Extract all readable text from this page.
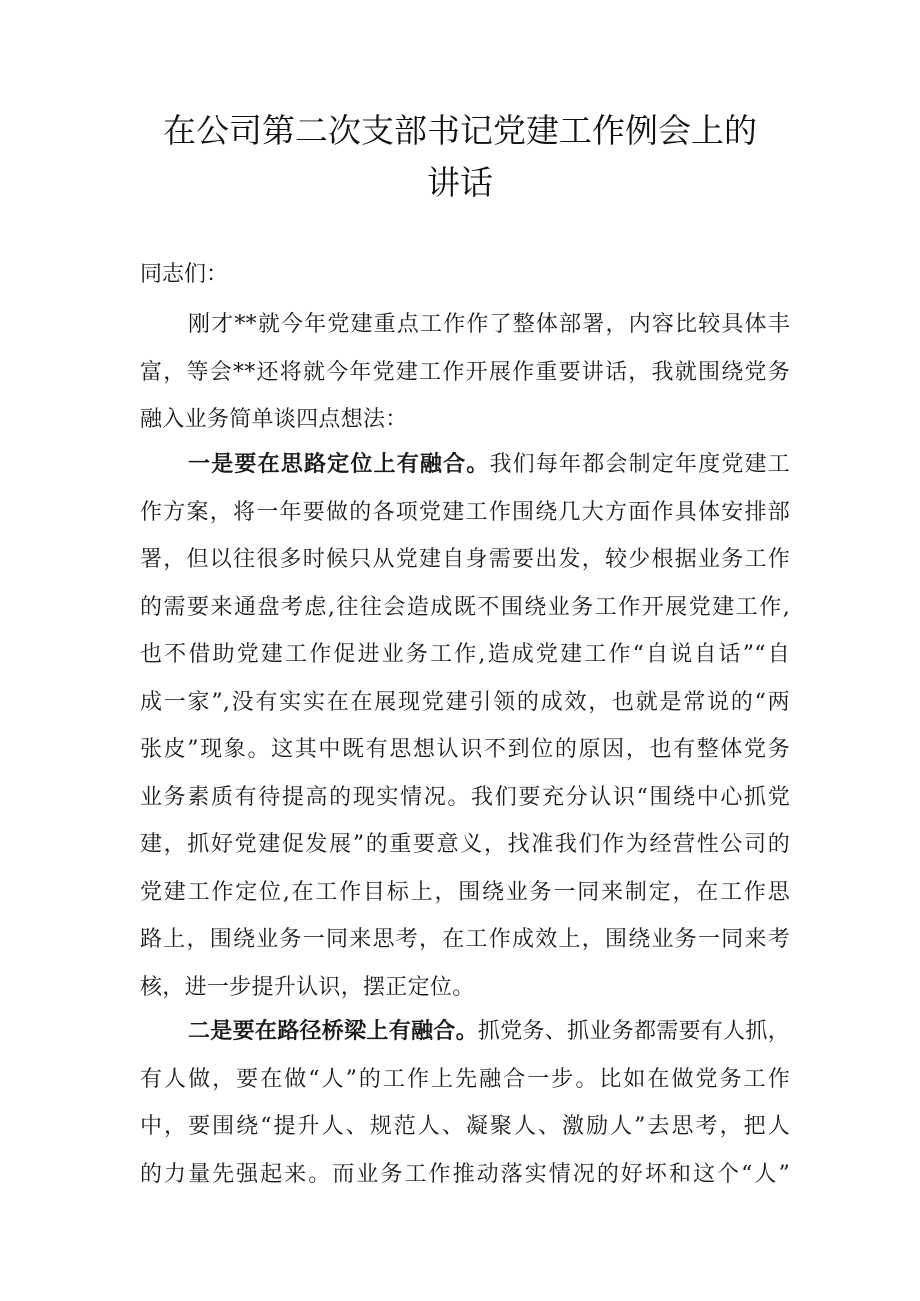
在公司第二次支部书记党建工作例会上的
讲话

同志们：

刚才**就今年党建重点工作作了整体部署，内容比较具体丰
富，等会**还将就今年党建工作开展作重要讲话，我就围绕党务
融入业务简单谈四点想法：
一是要在思路定位上有融合。我们每年都会制定年度党建工
作方案，将一年要做的各项党建工作围绕几大方面作具体安排部
署，但以往很多时候只从党建自身需要出发，较少根据业务工作
的需要来通盘考虑,往往会造成既不围绕业务工作开展党建工作,
也不借助党建工作促进业务工作,造成党建工作“自说自话”“自
成一家”,没有实实在在展现党建引领的成效，也就是常说的“两
张皮”现象。这其中既有思想认识不到位的原因，也有整体党务
业务素质有待提高的现实情况。我们要充分认识“围绕中心抓党
建，抓好党建促发展”的重要意义，找准我们作为经营性公司的
党建工作定位,在工作目标上，围绕业务一同来制定，在工作思
路上，围绕业务一同来思考，在工作成效上，围绕业务一同来考
核，进一步提升认识，摆正定位。
二是要在路径桥梁上有融合。抓党务、抓业务都需要有人抓，
有人做，要在做“人”的工作上先融合一步。比如在做党务工作
中，要围绕“提升人、规范人、凝聚人、激励人”去思考，把人
的力量先强起来。而业务工作推动落实情况的好坏和这个“人”
